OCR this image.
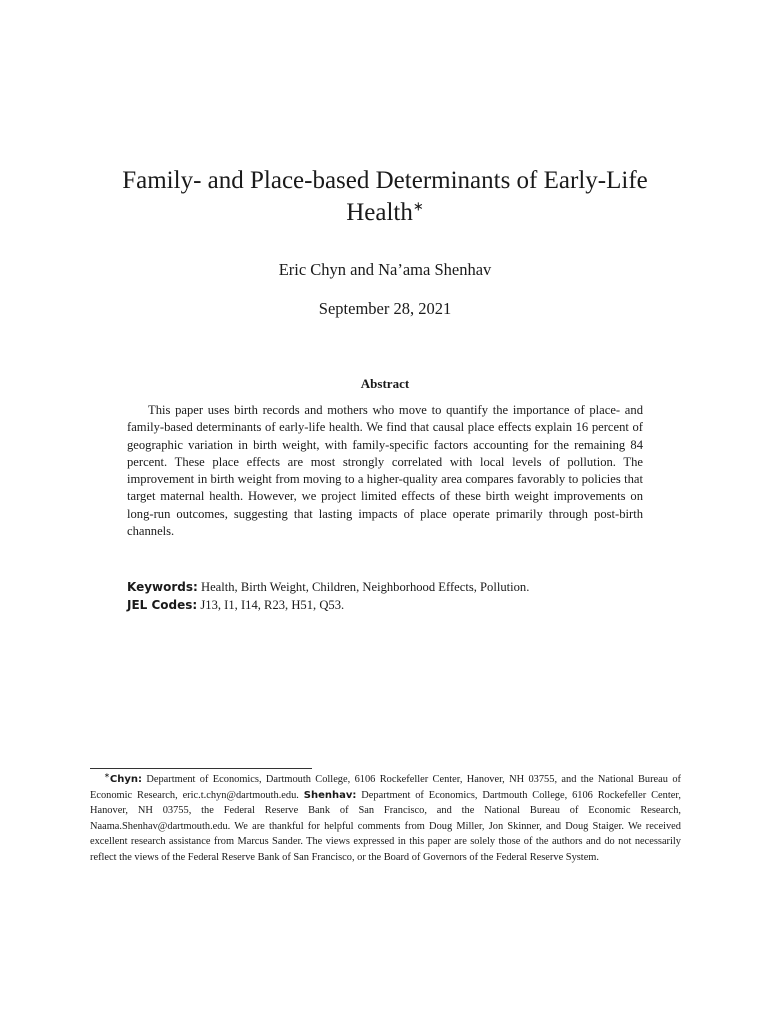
Family- and Place-based Determinants of Early-Life Health∗
Eric Chyn and Na’ama Shenhav
September 28, 2021
Abstract

This paper uses birth records and mothers who move to quantify the importance of place- and family-based determinants of early-life health. We find that causal place effects explain 16 percent of geographic variation in birth weight, with family-specific factors accounting for the remaining 84 percent. These place effects are most strongly correlated with local levels of pollution. The improvement in birth weight from moving to a higher-quality area compares favorably to policies that target maternal health. However, we project limited effects of these birth weight improvements on long-run outcomes, suggesting that lasting impacts of place operate primarily through post-birth channels.

Keywords: Health, Birth Weight, Children, Neighborhood Effects, Pollution.
JEL Codes: J13, I1, I14, R23, H51, Q53.

∗Chyn: Department of Economics, Dartmouth College, 6106 Rockefeller Center, Hanover, NH 03755, and the National Bureau of Economic Research, eric.t.chyn@dartmouth.edu. Shenhav: Department of Economics, Dartmouth College, 6106 Rockefeller Center, Hanover, NH 03755, the Federal Reserve Bank of San Francisco, and the National Bureau of Economic Research, Naama.Shenhav@dartmouth.edu. We are thankful for helpful comments from Doug Miller, Jon Skinner, and Doug Staiger. We received excellent research assistance from Marcus Sander. The views expressed in this paper are solely those of the authors and do not necessarily reflect the views of the Federal Reserve Bank of San Francisco, or the Board of Governors of the Federal Reserve System.
